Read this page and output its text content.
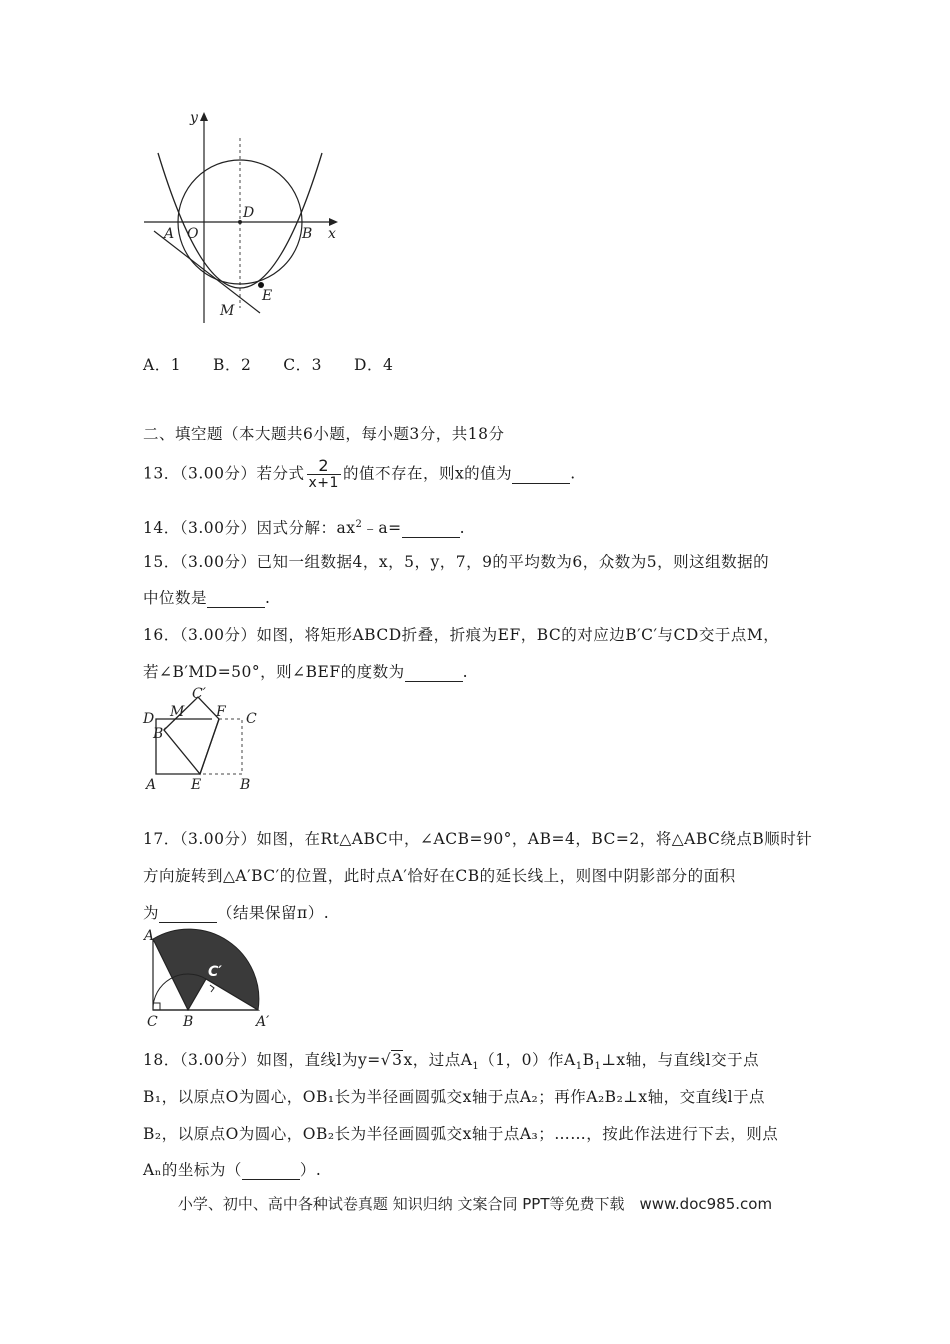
y
x
A O
D
B
E
M
A．1　　B．2　　C．3　　D．4
二、填空题（本大题共6小题，每小题3分，共18分
13．（3.00分）若分式 $\frac{2}{x+1}$ 的值不存在，则x的值为	.
14．（3.00分）因式分解：$ax^2﹣a=$	.
15．（3.00分）已知一组数据4，x，5，y，7，9的平均数为6，众数为5，则这组数据的
中位数是	.
16．（3.00分）如图，将矩形ABCD折叠，折痕为EF，BC的对应边B′C′与CD交于点M，
若∠B′MD=50°，则∠BEF的度数为	.
C′
D M F C
B′
A E	B
17．（3.00分）如图，在Rt△ABC中，∠ACB=90°，AB=4，BC=2，将△ABC绕点B顺时针
方向旋转到△A′BC′的位置，此时点A′恰好在CB的延长线上，则图中阴影部分的面积
为	（结果保留π）.
A
C′
C B	A′
18．（3.00分）如图，直线l为y=√3x，过点$A_1(1$，0）作$A_1B_1\perp x$轴，与直线l交于点
B₁，以原点O为圆心，OB₁长为半径画圆弧交x轴于点A₂；再作A₂B₂⊥x轴，交直线l于点
B₂，以原点O为圆心，OB₂长为半径画圆弧交x轴于点A₃；……，按此作法进行下去，则点
Aₙ的坐标为（	）.
小学、初中、高中各种试卷真题 知识归纳 文案合同 PPT等免费下载　www.doc985.com
